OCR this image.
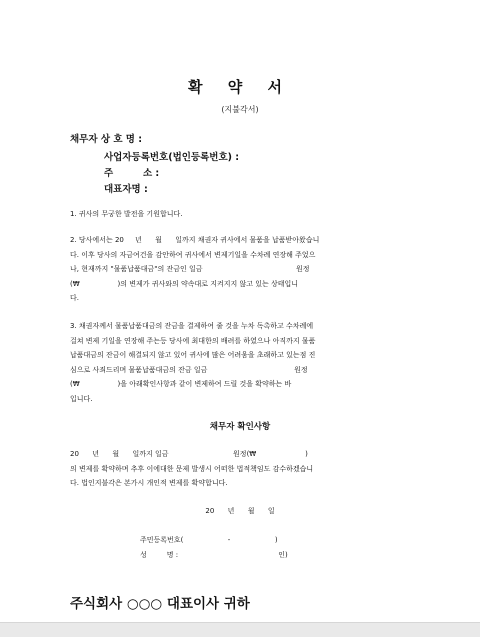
확 약 서
(지불각서)
채무자 상 호 명 :
사업자등록번호(법인등록번호) :
주         소 :
대표자명 :
1. 귀사의 무궁한 발전을 기원합니다.
2. 당사에서는 20     년      월      일까지 채권자 귀사에서 물품을 납품받아왔습니
다. 이후 당사의 자금여건을 감안하여 귀사에서 변제기일을 수차례 연장해 주었으
나, 현재까지 "물품납품대금"의 잔금인 일금                                          원정
(₩                 )의 변제가 귀사와의 약속대로 지켜지지 않고 있는 상태입니
다.
3. 채권자께서 물품납품대금의 잔금을 결제하여 줄 것을 누차 독촉하고 수차례에
걸쳐 변제 기일을 연장해 주는등 당사에 최대한의 배려를 하였으나 아직까지 물품
납품대금의 잔금이 해결되지 않고 있어 귀사에 많은 어려움을 초래하고 있는점 진
심으로 사죄드리며 물품납품대금의 잔금 일금                                       원정
(₩                 )을 아래확인사항과 같이 변제하여 드릴 것을 확약하는 바
입니다.
채무자 확인사항
20      년      월      일까지 일금                             원정(₩                      )
의 변제를 확약하며 추후 이에대한 문제 발생시 어떠한 법적책임도 감수하겠습니
다. 법인지불각은 본가시 개인적 변제를 확약합니다.
20      년      월      일
주민등록번호(                    -                    )
성         명 :                                             인)
주식회사 ○○○ 대표이사 귀하
